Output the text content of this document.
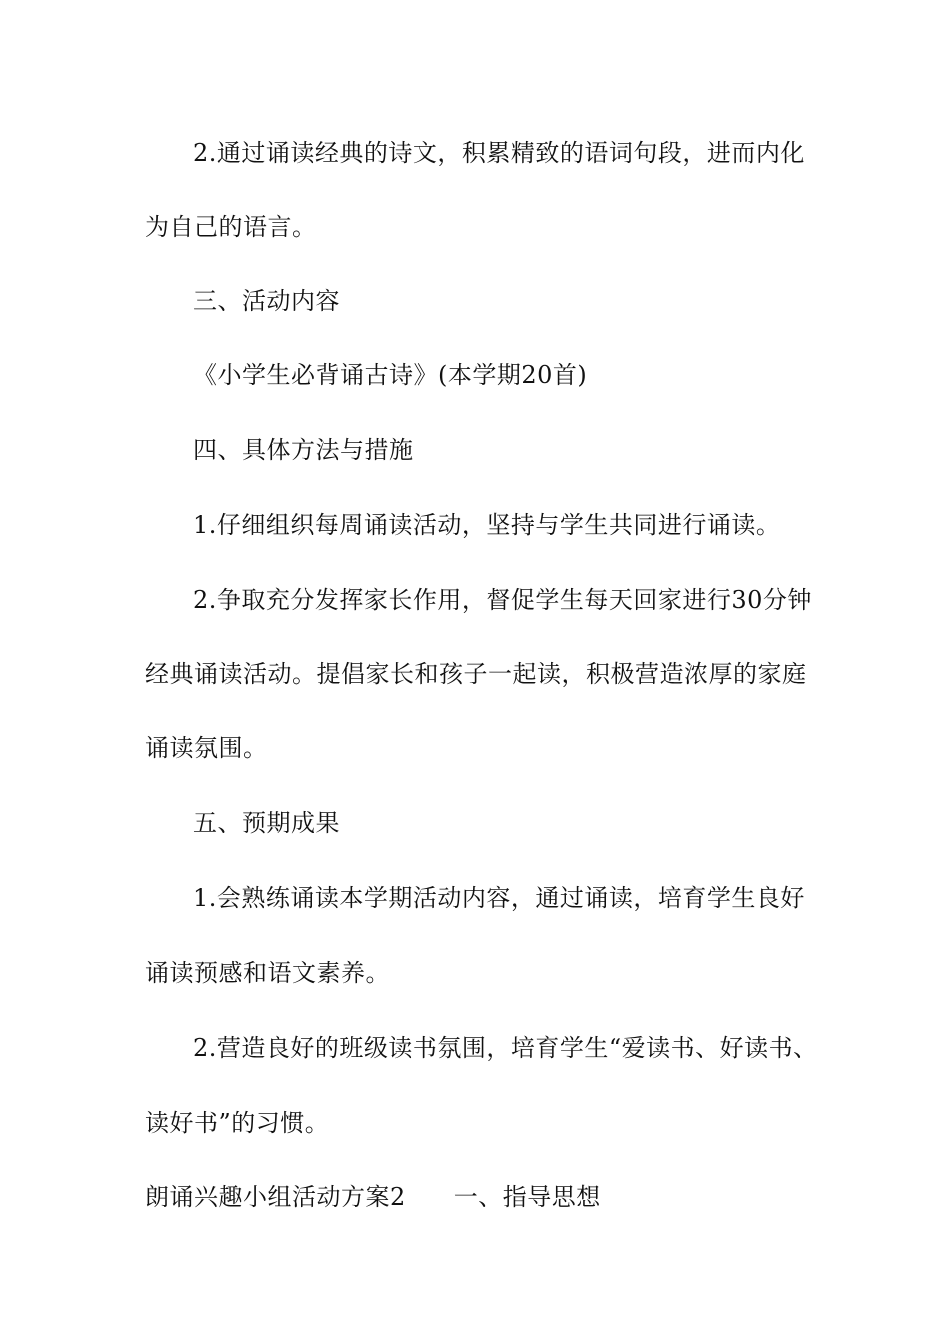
2.通过诵读经典的诗文，积累精致的语词句段，进而内化
为自己的语言。
三、活动内容
《小学生必背诵古诗》(本学期20首)
四、具体方法与措施
1.仔细组织每周诵读活动，坚持与学生共同进行诵读。
2.争取充分发挥家长作用，督促学生每天回家进行30分钟
经典诵读活动。提倡家长和孩子一起读，积极营造浓厚的家庭
诵读氛围。
五、预期成果
1.会熟练诵读本学期活动内容，通过诵读，培育学生良好
诵读预感和语文素养。
2.营造良好的班级读书氛围，培育学生“爱读书、好读书、
读好书”的习惯。
朗诵兴趣小组活动方案2 一、指导思想
